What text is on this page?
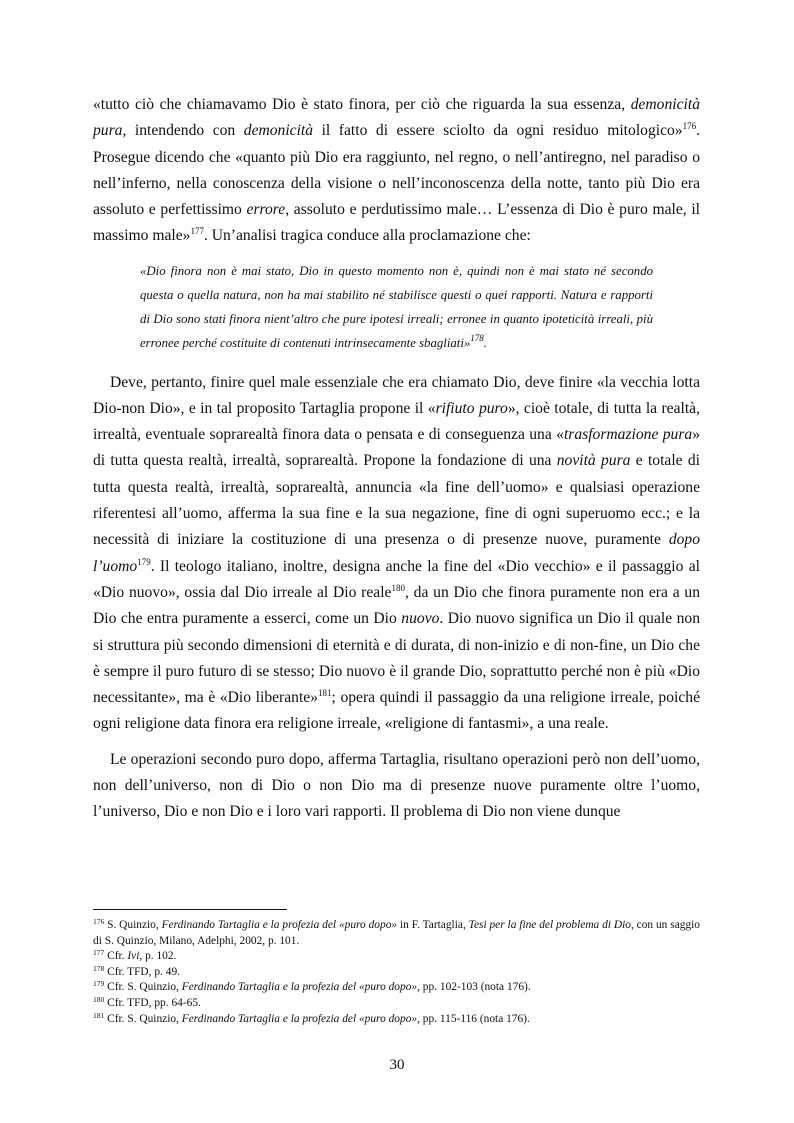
«tutto ciò che chiamavamo Dio è stato finora, per ciò che riguarda la sua essenza, demonicità pura, intendendo con demonicità il fatto di essere sciolto da ogni residuo mitologico»$^{176}$. Prosegue dicendo che «quanto più Dio era raggiunto, nel regno, o nell’antiregno, nel paradiso o nell’inferno, nella conoscenza della visione o nell’inconoscenza della notte, tanto più Dio era assoluto e perfettissimo errore, assoluto e perdutissimo male… L’essenza di Dio è puro male, il massimo male»$^{177}$. Un’analisi tragica conduce alla proclamazione che:

«Dio finora non è mai stato, Dio in questo momento non è, quindi non è mai stato né secondo questa o quella natura, non ha mai stabilito né stabilisce questi o quei rapporti. Natura e rapporti di Dio sono stati finora nient’altro che pure ipotesi irreali; erronee in quanto ipoteticità irreali, più erronee perché costituite di contenuti intrinsecamente sbagliati»$^{178}$.

Deve, pertanto, finire quel male essenziale che era chiamato Dio, deve finire «la vecchia lotta Dio-non Dio», e in tal proposito Tartaglia propone il «rifiuto puro», cioè totale, di tutta la realtà, irrealtà, eventuale soprarealtà finora data o pensata e di conseguenza una «trasformazione pura» di tutta questa realtà, irrealtà, soprarealtà. Propone la fondazione di una novità pura e totale di tutta questa realtà, irrealtà, soprarealtà, annuncia «la fine dell’uomo» e qualsiasi operazione riferentesi all’uomo, afferma la sua fine e la sua negazione, fine di ogni superuomo ecc.; e la necessità di iniziare la costituzione di una presenza o di presenze nuove, puramente dopo l’uomo$^{179}$. Il teologo italiano, inoltre, designa anche la fine del «Dio vecchio» e il passaggio al «Dio nuovo», ossia dal Dio irreale al Dio reale$^{180}$, da un Dio che finora puramente non era a un Dio che entra puramente a esserci, come un Dio nuovo. Dio nuovo significa un Dio il quale non si struttura più secondo dimensioni di eternità e di durata, di non-inizio e di non-fine, un Dio che è sempre il puro futuro di se stesso; Dio nuovo è il grande Dio, soprattutto perché non è più «Dio necessitante», ma è «Dio liberante»$^{181}$; opera quindi il passaggio da una religione irreale, poiché ogni religione data finora era religione irreale, «religione di fantasmi», a una reale.

Le operazioni secondo puro dopo, afferma Tartaglia, risultano operazioni però non dell’uomo, non dell’universo, non di Dio o non Dio ma di presenze nuove puramente oltre l’uomo, l’universo, Dio e non Dio e i loro vari rapporti. Il problema di Dio non viene dunque

$^{176}$ S. Quinzio, Ferdinando Tartaglia e la profezia del «puro dopo» in F. Tartaglia, Tesi per la fine del problema di Dio, con un saggio di S. Quinzio, Milano, Adelphi, 2002, p. 101.

$^{177}$ Cfr. Ivi, p. 102.

$^{178}$ Cfr. TFD, p. 49.

$^{179}$ Cfr. S. Quinzio, Ferdinando Tartaglia e la profezia del «puro dopo», pp. 102-103 (nota 176).

$^{180}$ Cfr. TFD, pp. 64-65.

$^{181}$ Cfr. S. Quinzio, Ferdinando Tartaglia e la profezia del «puro dopo», pp. 115-116 (nota 176).

30
